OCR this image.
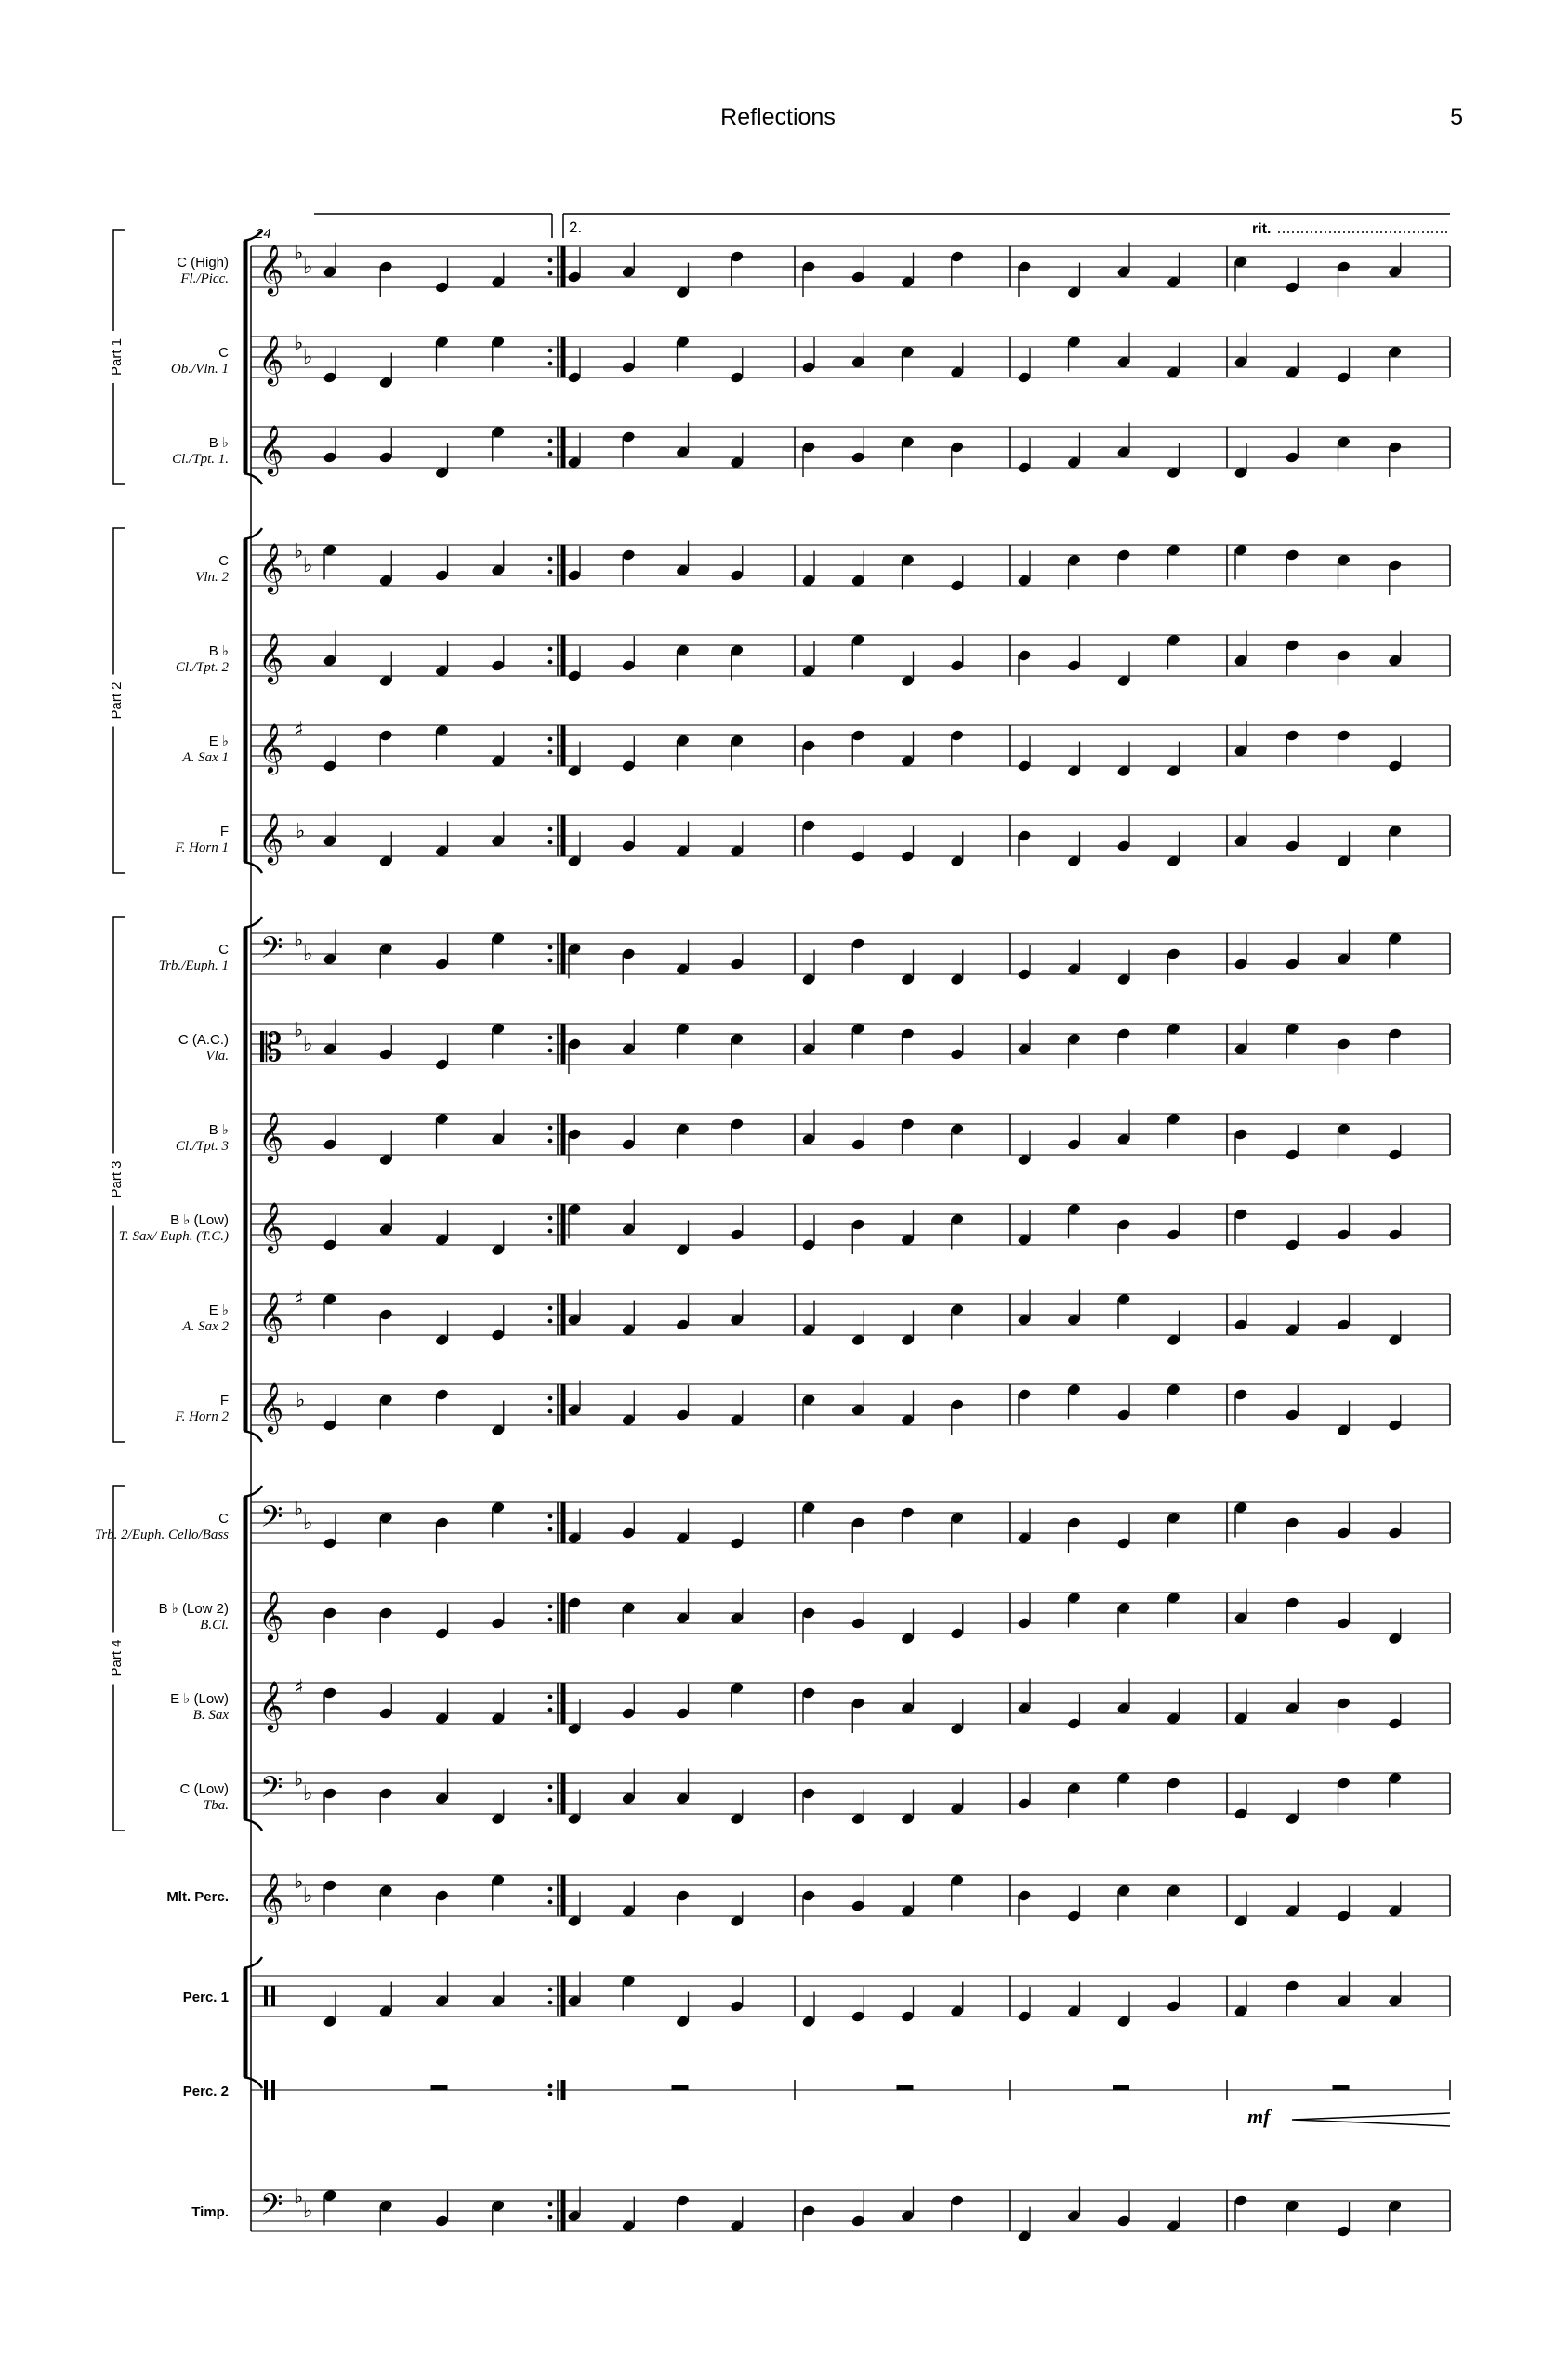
Reflections	5
2.	rit.
24
Part 1
Part 2
Part 3
Part 4
C (High)
Fl./Picc. 𝄞 ♭
♭
C
Ob./Vln. 1 𝄞 ♭
♭
B ♭
Cl./Tpt. 1. 𝄞
C
Vln. 2 𝄞 ♭
♭
B ♭
Cl./Tpt. 2 𝄞
E ♭
A. Sax 1 𝄞 ♯
F
F. Horn 1 𝄞 ♭
C
Trb./Euph. 1 𝄢 ♭
♭
C (A.C.)
Vla. 𝄡 ♭
♭
B ♭
Cl./Tpt. 3 𝄞
B ♭ (Low)
T. Sax/ Euph. (T.C.) 𝄞
E ♭
A. Sax 2 𝄞 ♯
F
F. Horn 2 𝄞 ♭
C
Trb. 2/Euph. Cello/Bass 𝄢 ♭
♭
B ♭ (Low 2)
B.Cl. 𝄞
E ♭ (Low)
B. Sax 𝄞 ♯
C (Low)
Tba. 𝄢 ♭
♭
Mlt. Perc. 𝄞 ♭
♭
Perc. 1
Perc. 2
Timp. 𝄢 ♭
♭
mf
